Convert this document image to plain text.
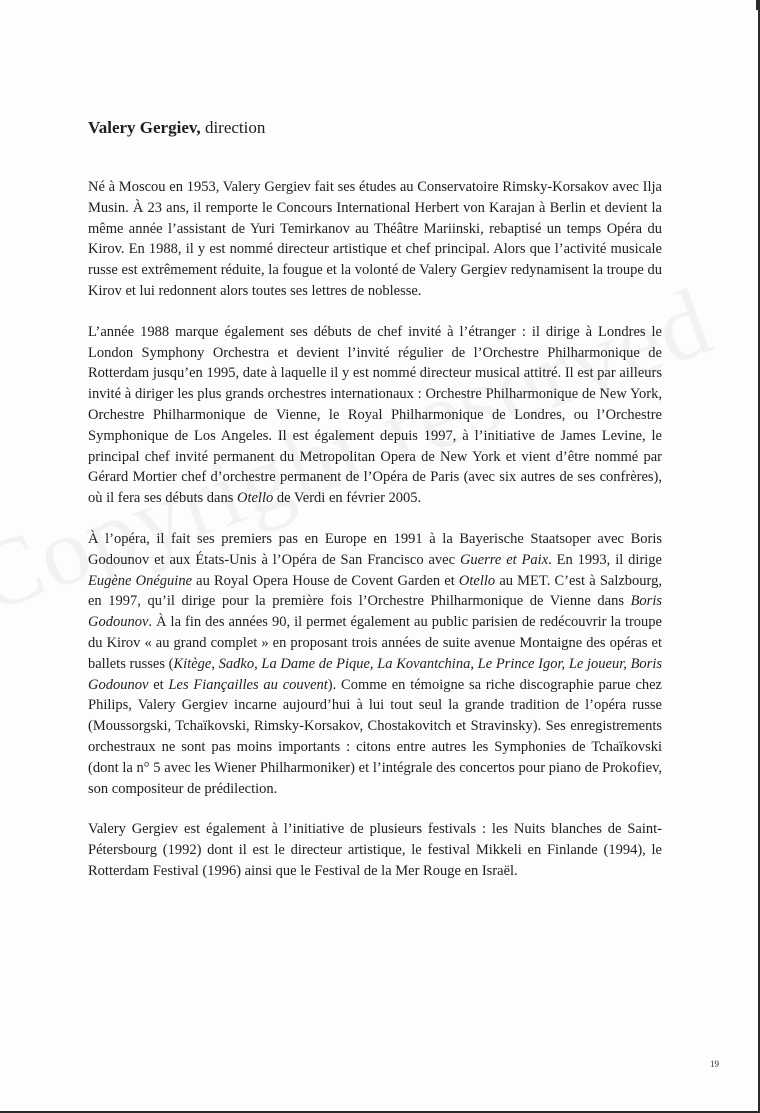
Valery Gergiev, direction

Né à Moscou en 1953, Valery Gergiev fait ses études au Conservatoire Rimsky-Korsakov avec Ilja Musin. À 23 ans, il remporte le Concours International Herbert von Karajan à Berlin et devient la même année l’assistant de Yuri Temirkanov au Théâtre Mariinski, rebaptisé un temps Opéra du Kirov. En 1988, il y est nommé directeur artistique et chef principal. Alors que l’activité musicale russe est extrêmement réduite, la fougue et la volonté de Valery Gergiev redynamisent la troupe du Kirov et lui redonnent alors toutes ses lettres de noblesse.

L’année 1988 marque également ses débuts de chef invité à l’étranger : il dirige à Londres le London Symphony Orchestra et devient l’invité régulier de l’Orchestre Philharmonique de Rotterdam jusqu’en 1995, date à laquelle il y est nommé directeur musical attitré. Il est par ailleurs invité à diriger les plus grands orchestres internationaux : Orchestre Philharmonique de New York, Orchestre Philharmonique de Vienne, le Royal Philharmonique de Londres, ou l’Orchestre Symphonique de Los Angeles. Il est également depuis 1997, à l’initiative de James Levine, le principal chef invité permanent du Metropolitan Opera de New York et vient d’être nommé par Gérard Mortier chef d’orchestre permanent de l’Opéra de Paris (avec six autres de ses confrères), où il fera ses débuts dans Otello de Verdi en février 2005.

À l’opéra, il fait ses premiers pas en Europe en 1991 à la Bayerische Staatsoper avec Boris Godounov et aux États-Unis à l’Opéra de San Francisco avec Guerre et Paix. En 1993, il dirige Eugène Onéguine au Royal Opera House de Covent Garden et Otello au MET. C’est à Salzbourg, en 1997, qu’il dirige pour la première fois l’Orchestre Philharmonique de Vienne dans Boris Godounov. À la fin des années 90, il permet également au public parisien de redécouvrir la troupe du Kirov « au grand complet » en proposant trois années de suite avenue Montaigne des opéras et ballets russes (Kitège, Sadko, La Dame de Pique, La Kovantchina, Le Prince Igor, Le joueur, Boris Godounov et Les Fiançailles au couvent). Comme en témoigne sa riche discographie parue chez Philips, Valery Gergiev incarne aujourd’hui à lui tout seul la grande tradition de l’opéra russe (Moussorgski, Tchaïkovski, Rimsky-Korsakov, Chostakovitch et Stravinsky). Ses enregistrements orchestraux ne sont pas moins importants : citons entre autres les Symphonies de Tchaïkovski (dont la n° 5 avec les Wiener Philharmoniker) et l’intégrale des concertos pour piano de Prokofiev, son compositeur de prédilection.

Valery Gergiev est également à l’initiative de plusieurs festivals : les Nuits blanches de Saint-Pétersbourg (1992) dont il est le directeur artistique, le festival Mikkeli en Finlande (1994), le Rotterdam Festival (1996) ainsi que le Festival de la Mer Rouge en Israël.

19
